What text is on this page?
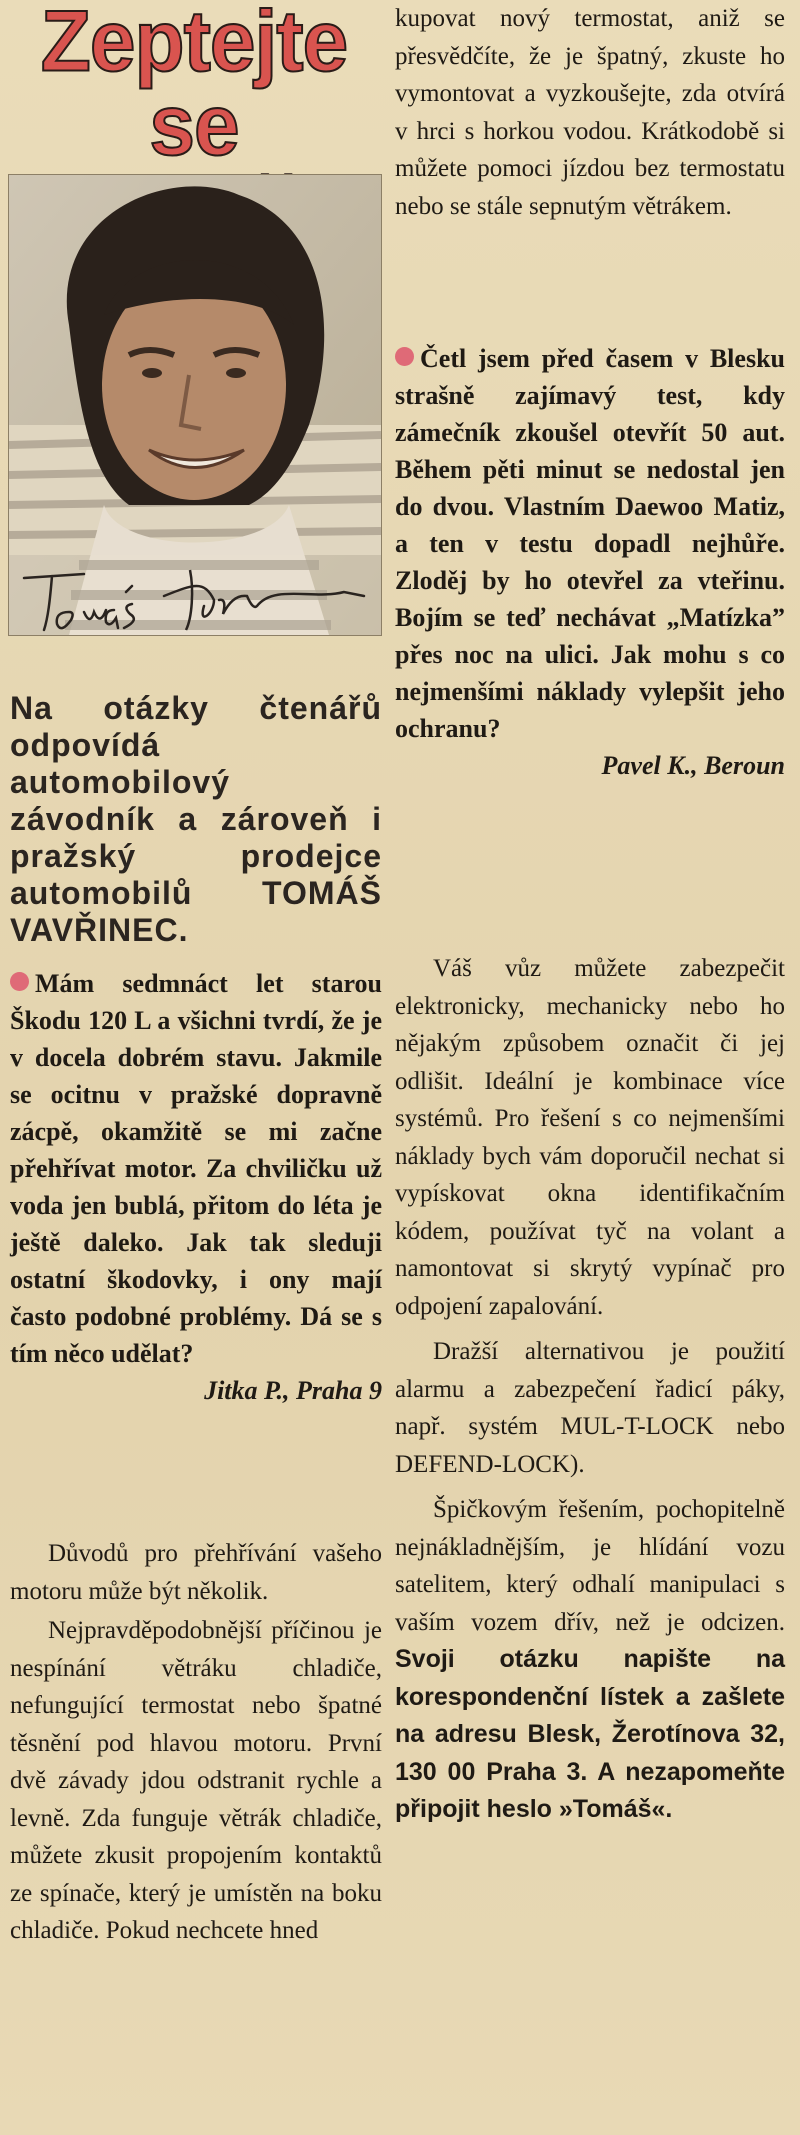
Zeptejte se

Na otázky čtenářů odpovídá automobilový závodník a zároveň i pražský prodejce automobilů TOMÁŠ VAVŘINEC.

Mám sedmnáct let starou Škodu 120 L a všichni tvrdí, že je v docela dobrém stavu. Jakmile se ocitnu v pražské dopravně zácpě, okamžitě se mi začne přehřívat motor. Za chviličku už voda jen bublá, přitom do léta je ještě daleko. Jak tak sleduji ostatní škodovky, i ony mají často podobné problémy. Dá se s tím něco udělat?

Jitka P., Praha 9

Důvodů pro přehřívání vašeho motoru může být několik.

Nejpravděpodobnější příčinou je nespínání větráku chladiče, nefungující termostat nebo špatné těsnění pod hlavou motoru. První dvě závady jdou odstranit rychle a levně. Zda funguje větrák chladiče, můžete zkusit propojením kontaktů ze spínače, který je umístěn na boku chladiče. Pokud nechcete hned

kupovat nový termostat, aniž se přesvědčíte, že je špatný, zkuste ho vymontovat a vyzkoušejte, zda otvírá v hrci s horkou vodou. Krátkodobě si můžete pomoci jízdou bez termostatu nebo se stále sepnutým větrákem.

Četl jsem před časem v Blesku strašně zajímavý test, kdy zámečník zkoušel otevřít 50 aut. Během pěti minut se nedostal jen do dvou. Vlastním Daewoo Matiz, a ten v testu dopadl nejhůře. Zloděj by ho otevřel za vteřinu. Bojím se teď nechávat „Matízka” přes noc na ulici. Jak mohu s co nejmenšími náklady vylepšit jeho ochranu?

Pavel K., Beroun

Váš vůz můžete zabezpečit elektronicky, mechanicky nebo ho nějakým způsobem označit či jej odlišit. Ideální je kombinace více systémů. Pro řešení s co nejmenšími náklady bych vám doporučil nechat si vypískovat okna identifikačním kódem, používat tyč na volant a namontovat si skrytý vypínač pro odpojení zapalování.

Dražší alternativou je použití alarmu a zabezpečení řadicí páky, např. systém MUL-T-LOCK nebo DEFEND-LOCK).

Špičkovým řešením, pochopitelně nejnákladnějším, je hlídání vozu satelitem, který odhalí manipulaci s vaším vozem dřív, než je odcizen. Svoji otázku napište na korespondenční lístek a zašlete na adresu Blesk, Žerotínova 32, 130 00 Praha 3. A nezapomeňte připojit heslo »Tomáš«.
